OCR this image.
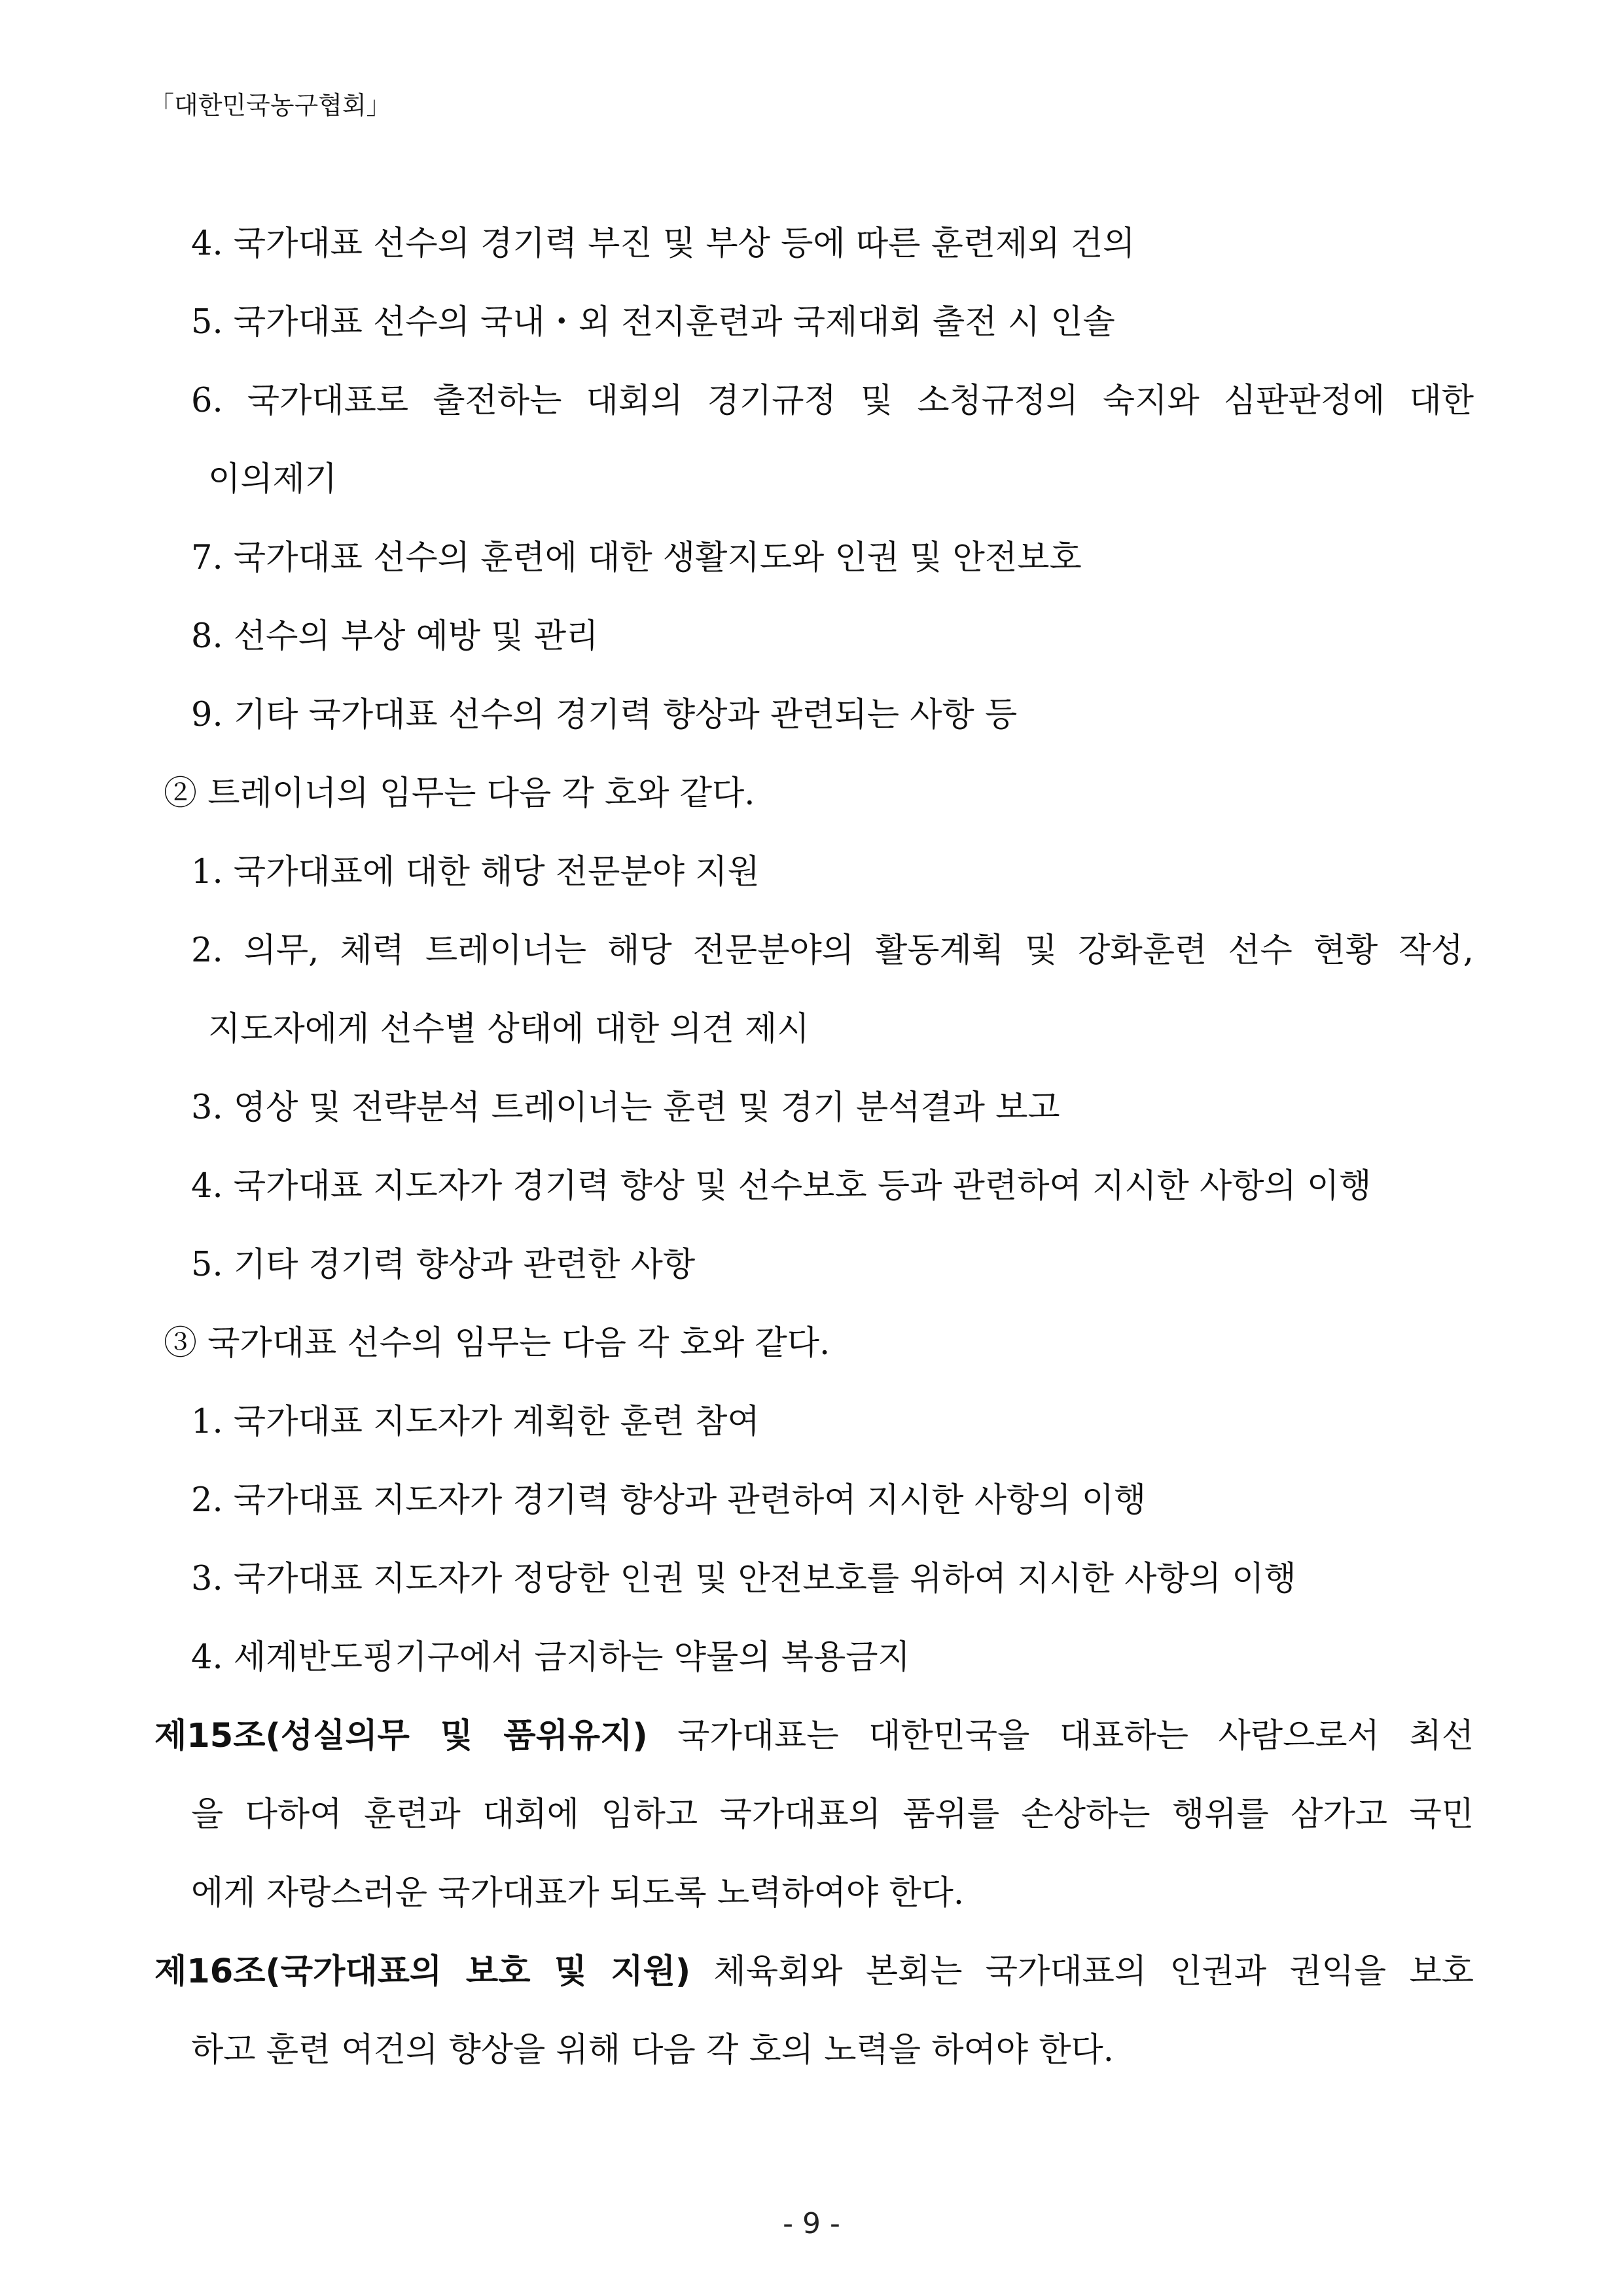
「대한민국농구협회」
4. 국가대표 선수의 경기력 부진 및 부상 등에 따른 훈련제외 건의
5. 국가대표 선수의 국내・외 전지훈련과 국제대회 출전 시 인솔
6. 국가대표로 출전하는 대회의 경기규정 및 소청규정의 숙지와 심판판정에 대한
이의제기
7. 국가대표 선수의 훈련에 대한 생활지도와 인권 및 안전보호
8. 선수의 부상 예방 및 관리
9. 기타 국가대표 선수의 경기력 향상과 관련되는 사항 등
② 트레이너의 임무는 다음 각 호와 같다.
1. 국가대표에 대한 해당 전문분야 지원
2. 의무, 체력 트레이너는 해당 전문분야의 활동계획 및 강화훈련 선수 현황 작성,
지도자에게 선수별 상태에 대한 의견 제시
3. 영상 및 전략분석 트레이너는 훈련 및 경기 분석결과 보고
4. 국가대표 지도자가 경기력 향상 및 선수보호 등과 관련하여 지시한 사항의 이행
5. 기타 경기력 향상과 관련한 사항
③ 국가대표 선수의 임무는 다음 각 호와 같다.
1. 국가대표 지도자가 계획한 훈련 참여
2. 국가대표 지도자가 경기력 향상과 관련하여 지시한 사항의 이행
3. 국가대표 지도자가 정당한 인권 및 안전보호를 위하여 지시한 사항의 이행
4. 세계반도핑기구에서 금지하는 약물의 복용금지
제15조(성실의무 및 품위유지) 국가대표는 대한민국을 대표하는 사람으로서 최선
을 다하여 훈련과 대회에 임하고 국가대표의 품위를 손상하는 행위를 삼가고 국민
에게 자랑스러운 국가대표가 되도록 노력하여야 한다.
제16조(국가대표의 보호 및 지원) 체육회와 본회는 국가대표의 인권과 권익을 보호
하고 훈련 여건의 향상을 위해 다음 각 호의 노력을 하여야 한다.
- 9 -
